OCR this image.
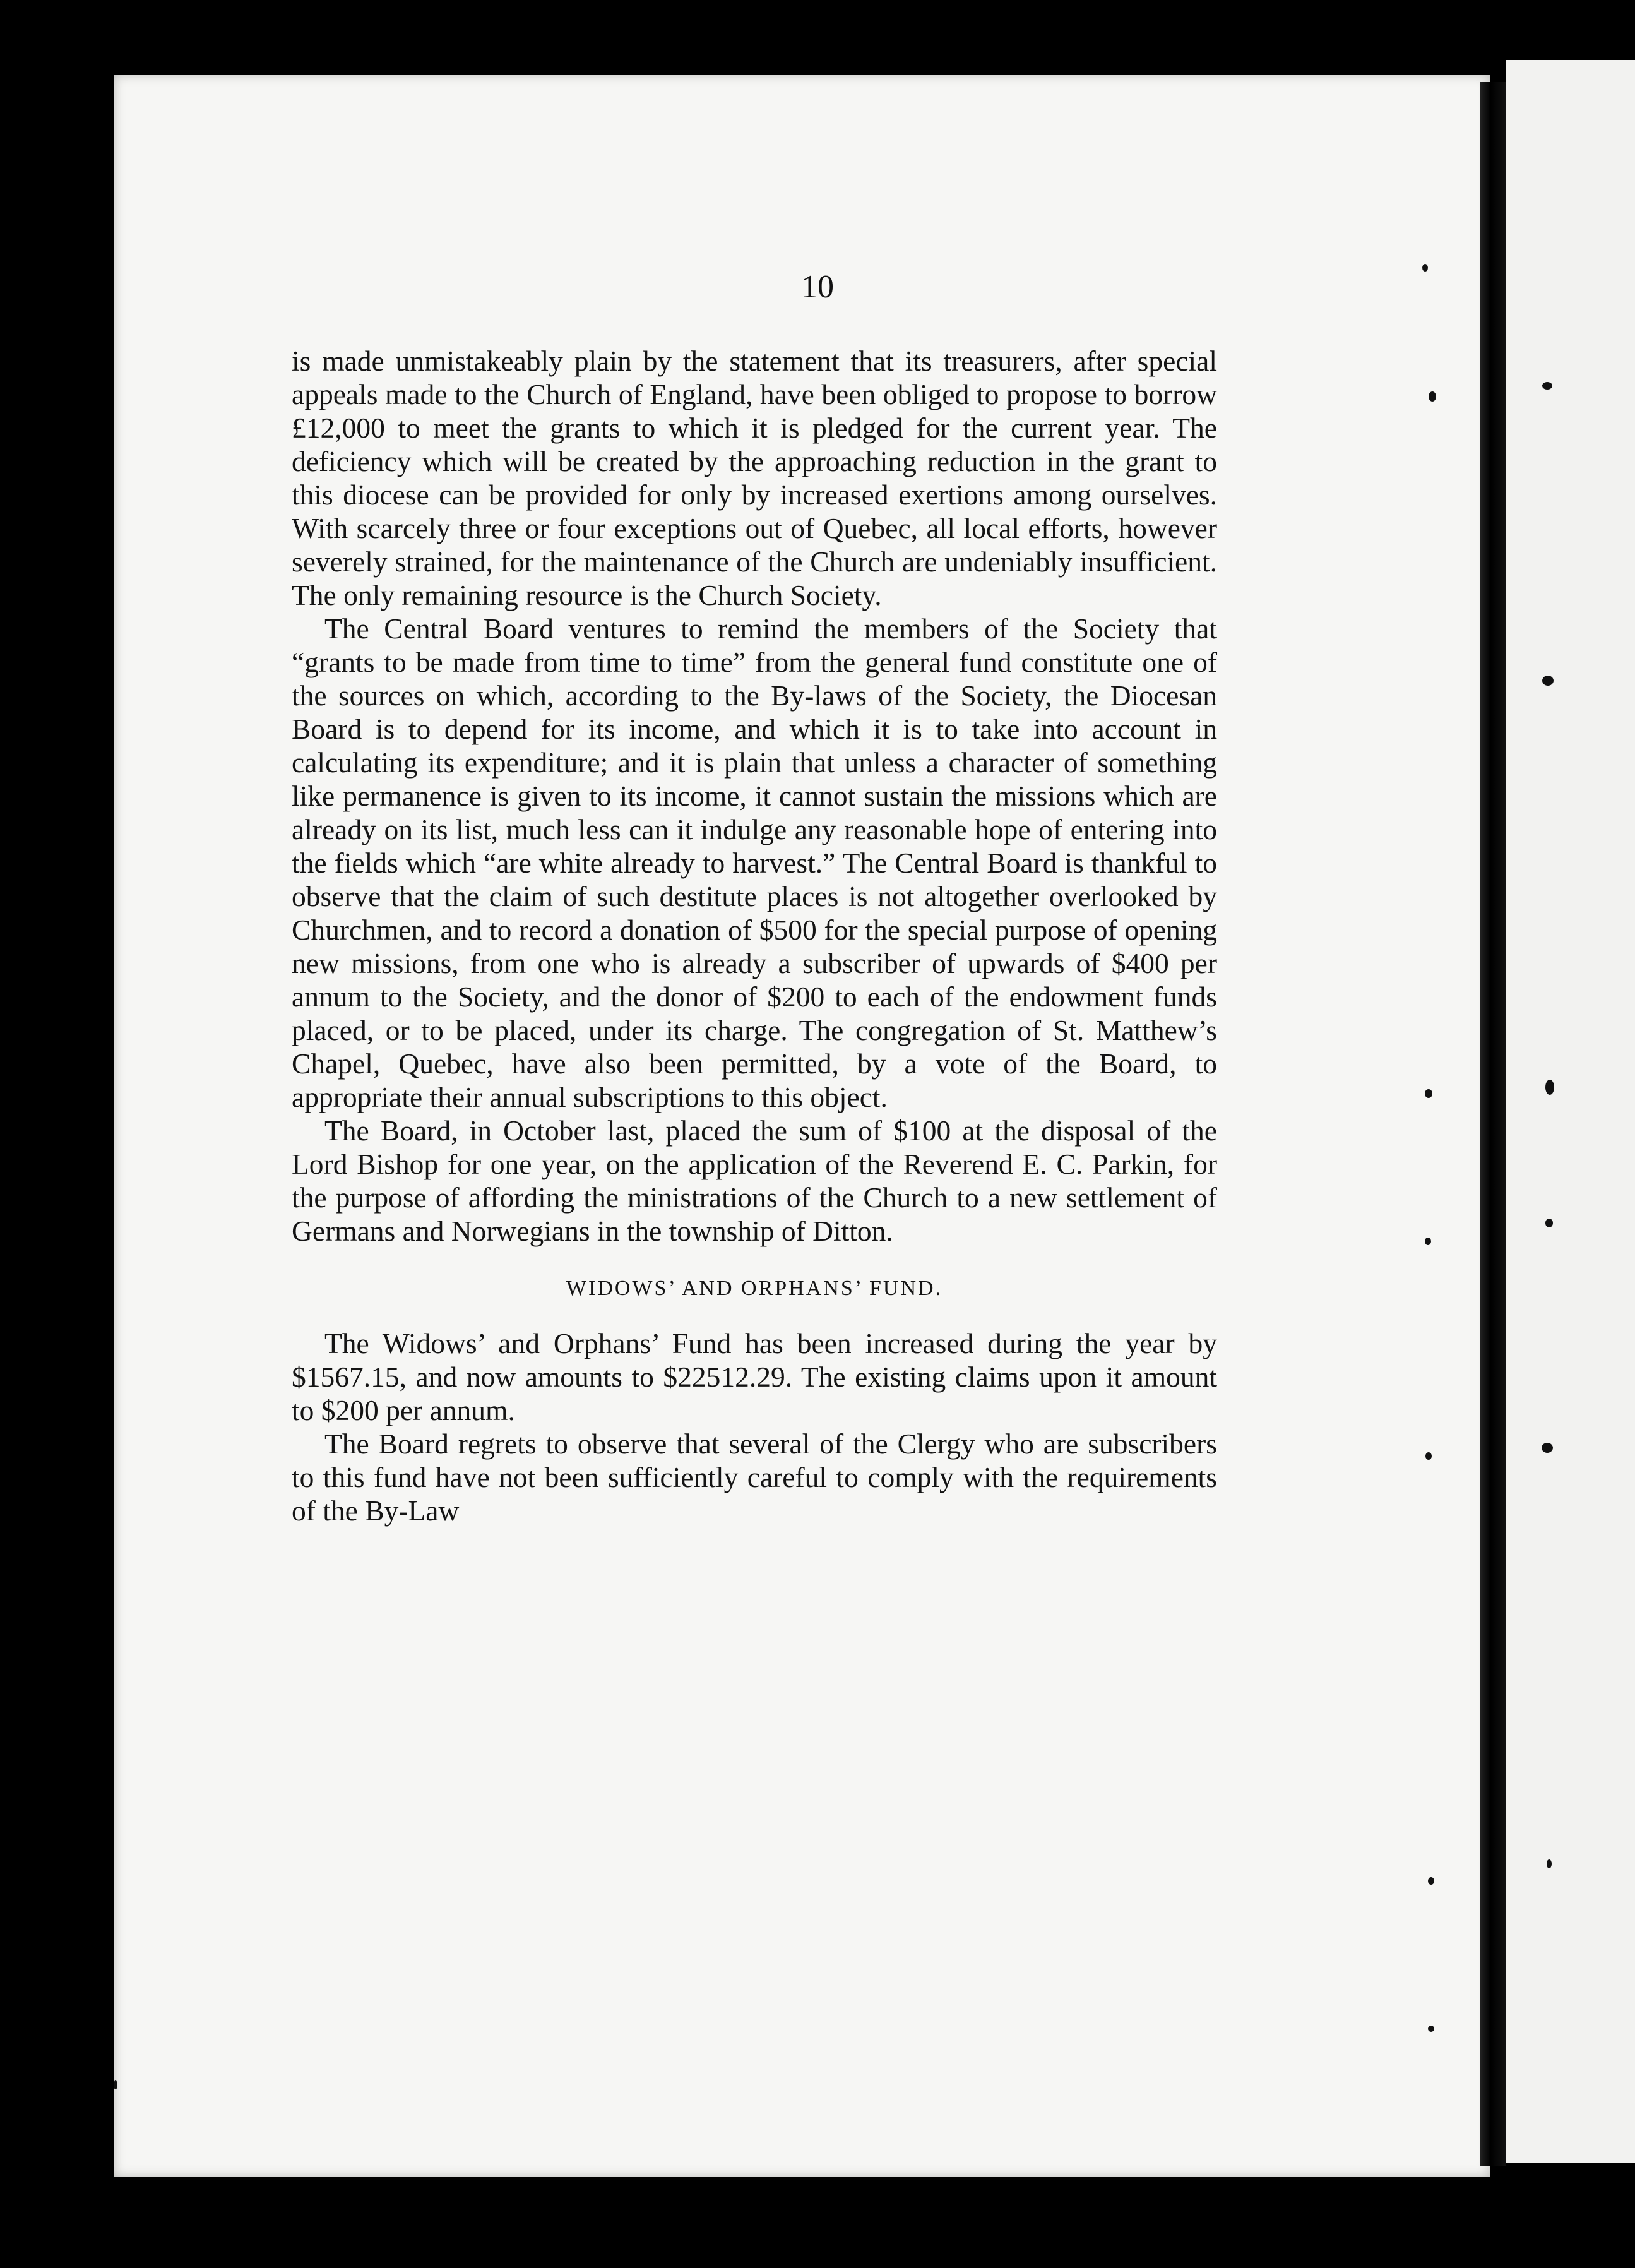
10

is made unmistakeably plain by the statement that its treasurers, after special appeals made to the Church of England, have been obliged to propose to borrow £12,000 to meet the grants to which it is pledged for the current year. The deficiency which will be created by the approaching reduction in the grant to this diocese can be provided for only by increased exertions among ourselves. With scarcely three or four exceptions out of Quebec, all local efforts, however severely strained, for the maintenance of the Church are undeniably insufficient. The only remaining resource is the Church Society.

The Central Board ventures to remind the members of the Society that “grants to be made from time to time” from the general fund constitute one of the sources on which, according to the By-laws of the Society, the Diocesan Board is to depend for its income, and which it is to take into account in calculating its expenditure; and it is plain that unless a character of something like permanence is given to its income, it cannot sustain the missions which are already on its list, much less can it indulge any reasonable hope of entering into the fields which “are white already to harvest.” The Central Board is thankful to observe that the claim of such destitute places is not altogether overlooked by Churchmen, and to record a donation of $500 for the special purpose of opening new missions, from one who is already a subscriber of upwards of $400 per annum to the Society, and the donor of $200 to each of the endowment funds placed, or to be placed, under its charge. The congregation of St. Matthew’s Chapel, Quebec, have also been permitted, by a vote of the Board, to appropriate their annual subscriptions to this object.

The Board, in October last, placed the sum of $100 at the disposal of the Lord Bishop for one year, on the application of the Reverend E. C. Parkin, for the purpose of affording the ministrations of the Church to a new settlement of Germans and Norwegians in the township of Ditton.

WIDOWS’ AND ORPHANS’ FUND.

The Widows’ and Orphans’ Fund has been increased during the year by $1567.15, and now amounts to $22512.29. The existing claims upon it amount to $200 per annum.

The Board regrets to observe that several of the Clergy who are subscribers to this fund have not been sufficiently careful to comply with the requirements of the By-Law
